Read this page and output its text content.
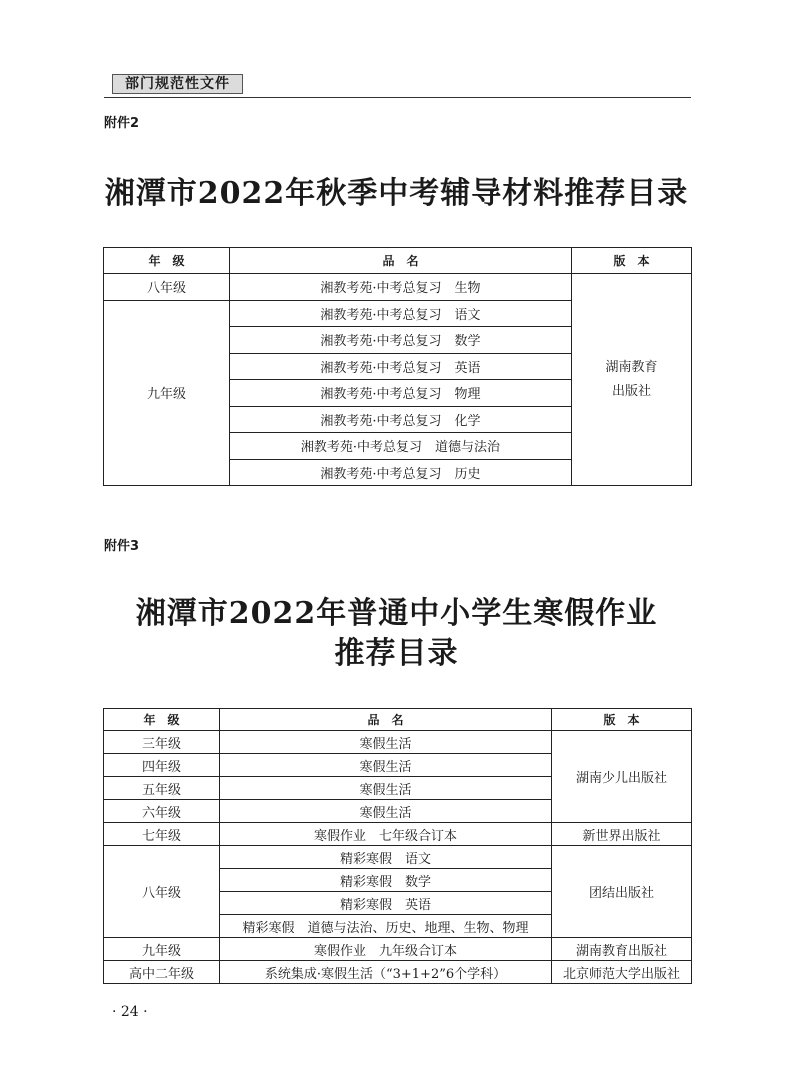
部门规范性文件
附件2
湘潭市2022年秋季中考辅导材料推荐目录
年　级	品　名	版　本
八年级	湘教考苑·中考总复习　生物	湖南教育
出版社

九年级	湘教考苑·中考总复习　语文	
	湘教考苑·中考总复习　数学	
	湘教考苑·中考总复习　英语	
	湘教考苑·中考总复习　物理	
	湘教考苑·中考总复习　化学	
	湘教考苑·中考总复习　道德与法治	
	湘教考苑·中考总复习　历史	
附件3
湘潭市2022年普通中小学生寒假作业
推荐目录
年　级	品　名	版　本
三年级	寒假生活	湖南少儿出版社
四年级	寒假生活	
五年级	寒假生活	
六年级	寒假生活	
七年级	寒假作业　七年级合订本	新世界出版社
八年级	精彩寒假　语文	团结出版社
	精彩寒假　数学	
	精彩寒假　英语	
	精彩寒假　道德与法治、历史、地理、生物、物理	
九年级	寒假作业　九年级合订本	湖南教育出版社
高中二年级	系统集成·寒假生活（“3+1+2”6个学科）	北京师范大学出版社
· 24 ·
